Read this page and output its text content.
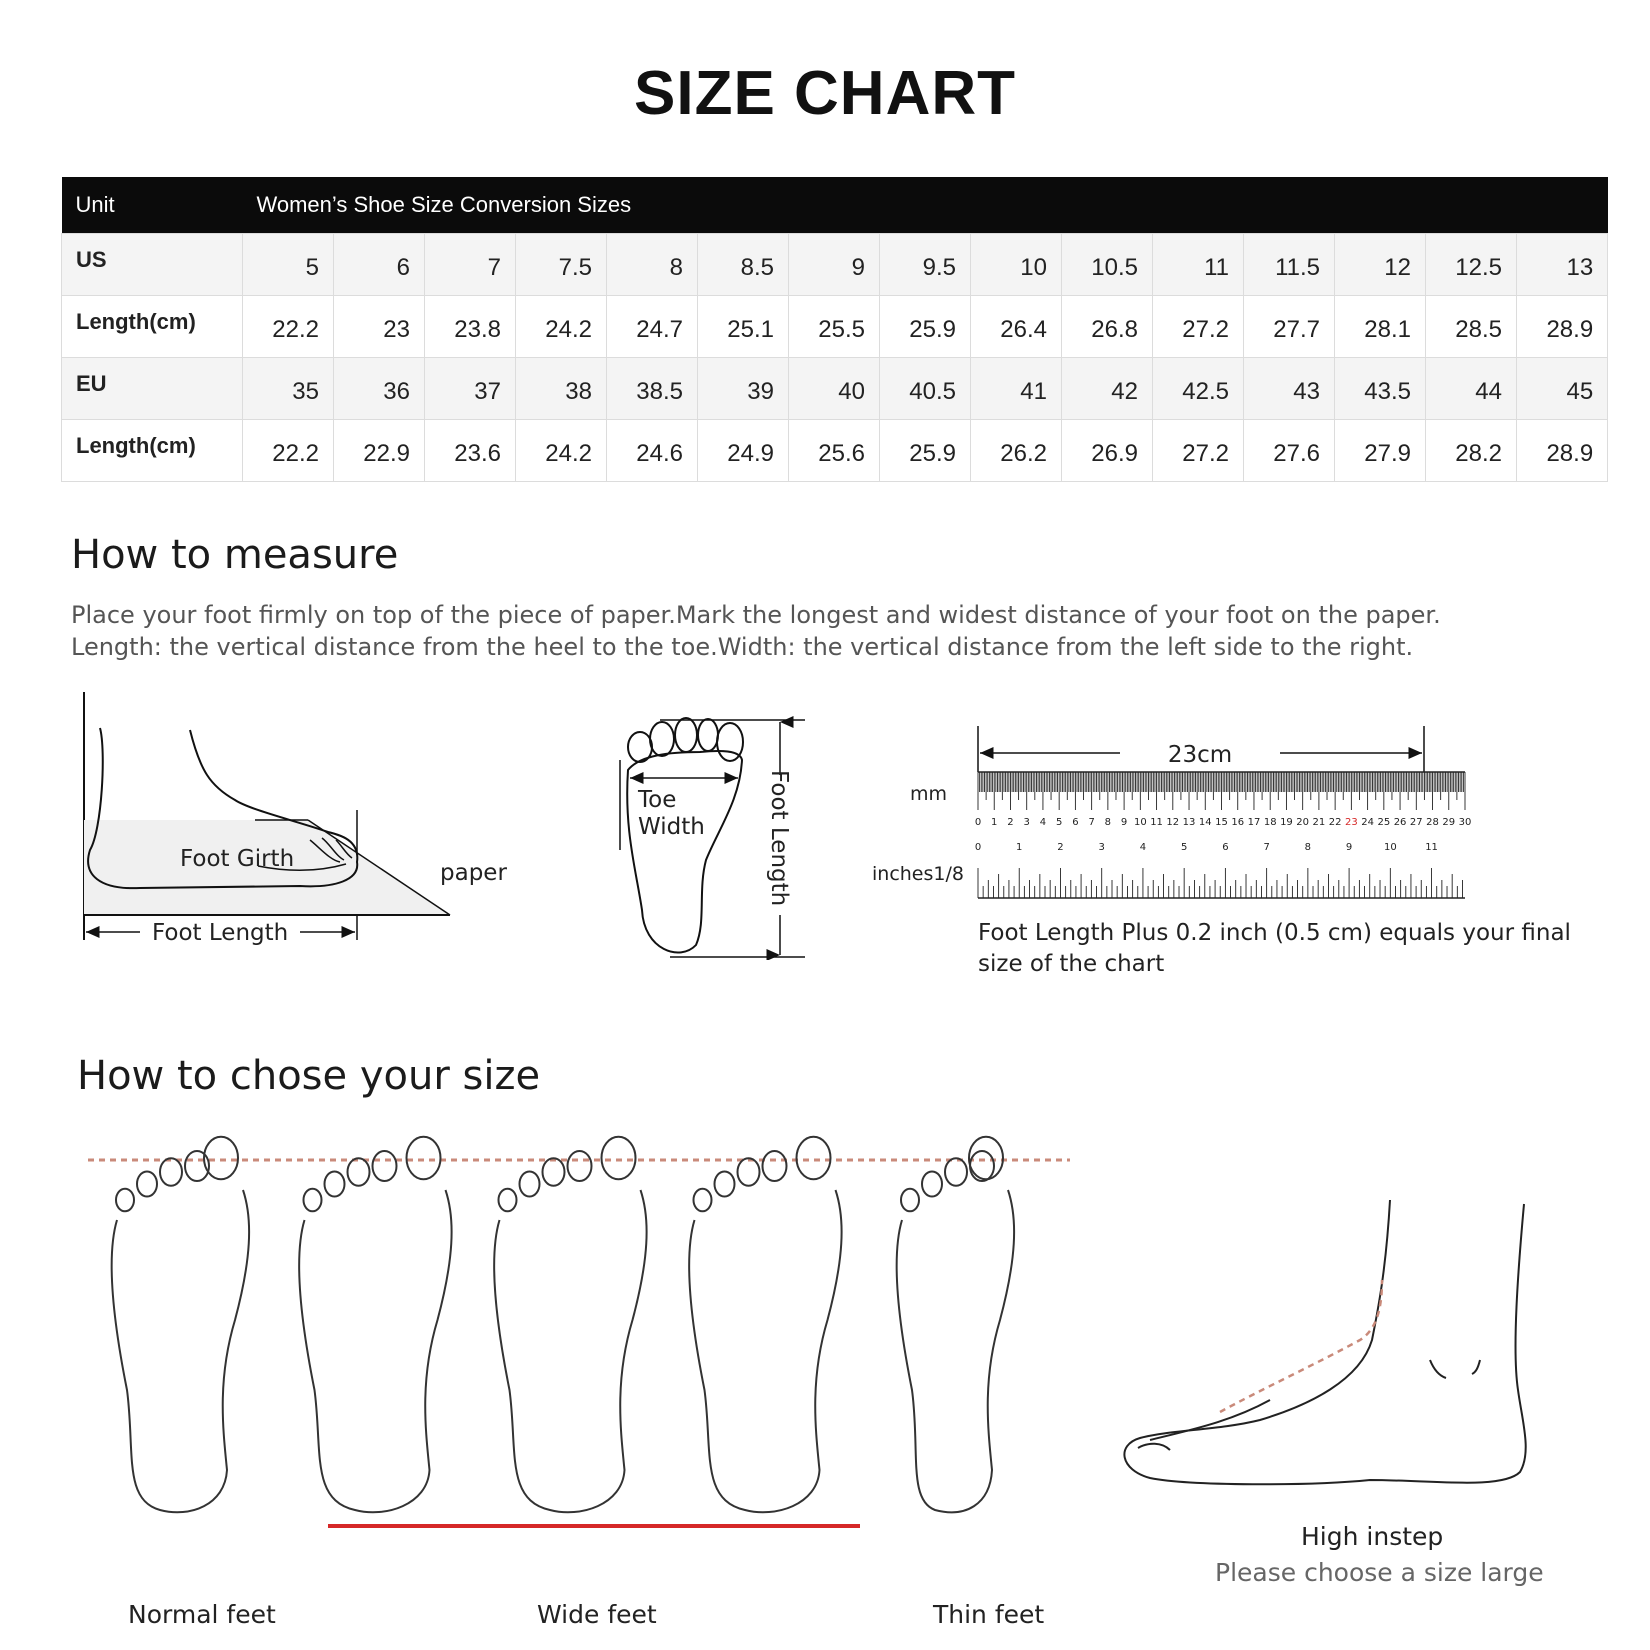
SIZE CHART
Unit	Women’s Shoe Size Conversion Sizes														
US	5	6	7	7.5	8	8.5	9	9.5	10	10.5	11	11.5	12	12.5	13
Length(cm)	22.2	23	23.8	24.2	24.7	25.1	25.5	25.9	26.4	26.8	27.2	27.7	28.1	28.5	28.9
EU	35	36	37	38	38.5	39	40	40.5	41	42	42.5	43	43.5	44	45
Length(cm)	22.2	22.9	23.6	24.2	24.6	24.9	25.6	25.9	26.2	26.9	27.2	27.6	27.9	28.2	28.9
How to measure
Place your foot firmly on top of the piece of paper.Mark the longest and widest distance of your foot on the paper.
Length: the vertical distance from the heel to the toe.Width: the vertical distance from the left side to the right.
Foot Girth
paper
Foot Length
Foot Length
Toe
Width
23cm
mm
inches1/8
0 1 2 3 4 5 6 7 8 9 10 11 12 13 14 15 16 17 18 19 20 21 22 23 24 25 26 27 28 29 30
0	1	2	3	4	5	6	7	8	9	10	11
Foot Length Plus 0.2 inch (0.5 cm) equals your final size of the chart
How to chose your size
Normal feet	Wide feet	Thin feet
High instep
Please choose a size large
